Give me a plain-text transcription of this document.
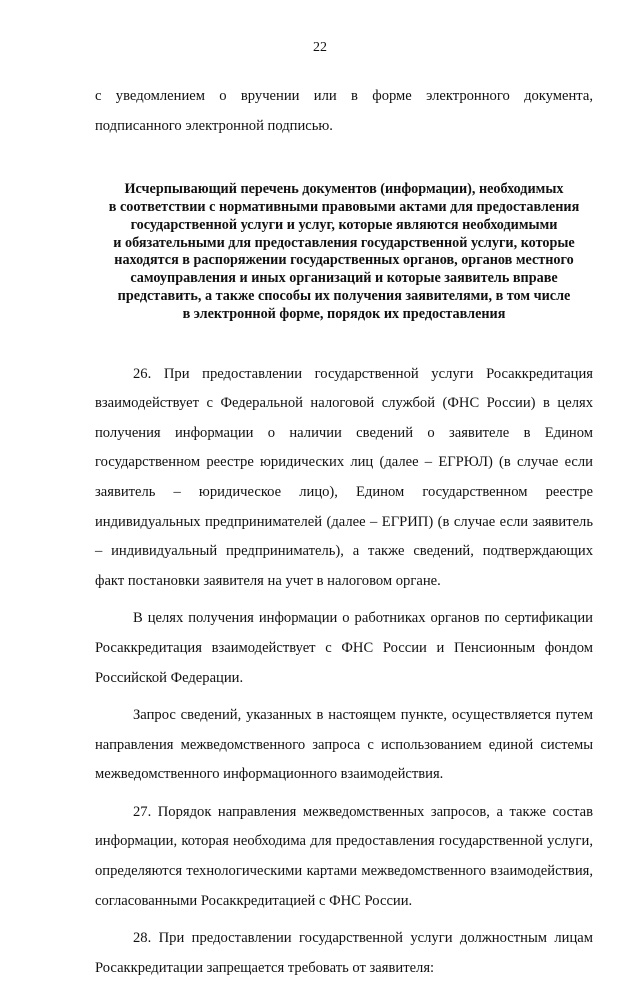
22

с уведомлением о вручении или в форме электронного документа, подписанного электронной подписью.

Исчерпывающий перечень документов (информации), необходимых
в соответствии с нормативными правовыми актами для предоставления
государственной услуги и услуг, которые являются необходимыми
и обязательными для предоставления государственной услуги, которые
находятся в распоряжении государственных органов, органов местного
самоуправления и иных организаций и которые заявитель вправе
представить, а также способы их получения заявителями, в том числе
в электронной форме, порядок их предоставления

26. При предоставлении государственной услуги Росаккредитация взаимодействует с Федеральной налоговой службой (ФНС России) в целях получения информации о наличии сведений о заявителе в Едином государственном реестре юридических лиц (далее – ЕГРЮЛ) (в случае если заявитель – юридическое лицо), Едином государственном реестре индивидуальных предпринимателей (далее – ЕГРИП) (в случае если заявитель – индивидуальный предприниматель), а также сведений, подтверждающих факт постановки заявителя на учет в налоговом органе.

В целях получения информации о работниках органов по сертификации Росаккредитация взаимодействует с ФНС России и Пенсионным фондом Российской Федерации.

Запрос сведений, указанных в настоящем пункте, осуществляется путем направления межведомственного запроса с использованием единой системы межведомственного информационного взаимодействия.

27. Порядок направления межведомственных запросов, а также состав информации, которая необходима для предоставления государственной услуги, определяются технологическими картами межведомственного взаимодействия, согласованными Росаккредитацией с ФНС России.

28. При предоставлении государственной услуги должностным лицам Росаккредитации запрещается требовать от заявителя:
